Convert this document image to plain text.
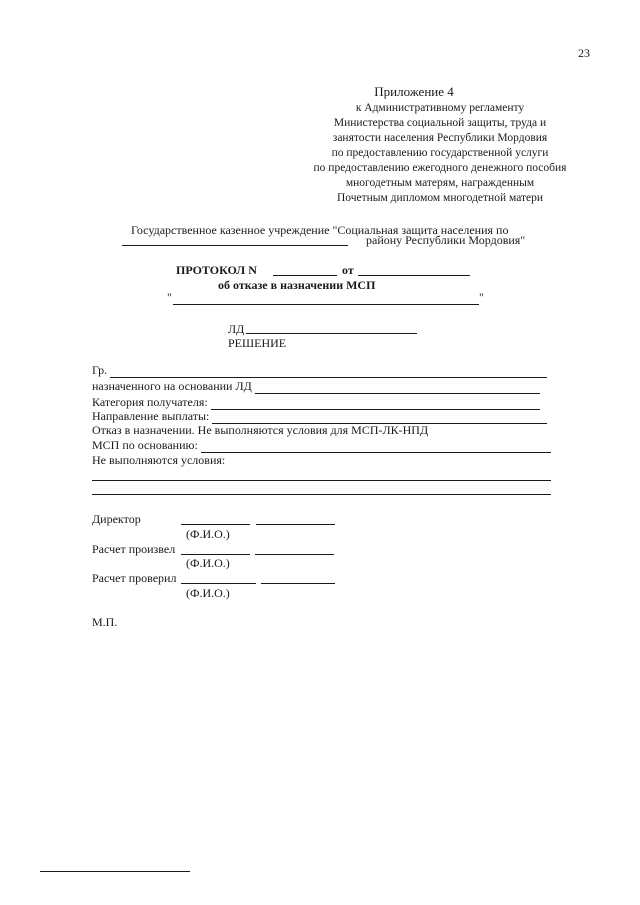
23
Приложение 4
к Административному регламенту
Министерства социальной защиты, труда и
занятости населения Республики Мордовия
по предоставлению государственной услуги
по предоставлению ежегодного денежного пособия
многодетным матерям, награжденным
Почетным дипломом многодетной матери
Государственное казенное учреждение "Социальная защита населения по
району Республики Мордовия"
ПРОТОКОЛ N	от
об отказе в назначении МСП
"	"
ЛД
РЕШЕНИЕ
Гр.
назначенного на основании ЛД
Категория получателя:
Направление выплаты:
Отказ в назначении. Не выполняются условия для МСП-ЛК-НПД
МСП по основанию:
Не выполняются условия:
Директор
(Ф.И.О.)
Расчет произвел
(Ф.И.О.)
Расчет проверил
(Ф.И.О.)
М.П.
